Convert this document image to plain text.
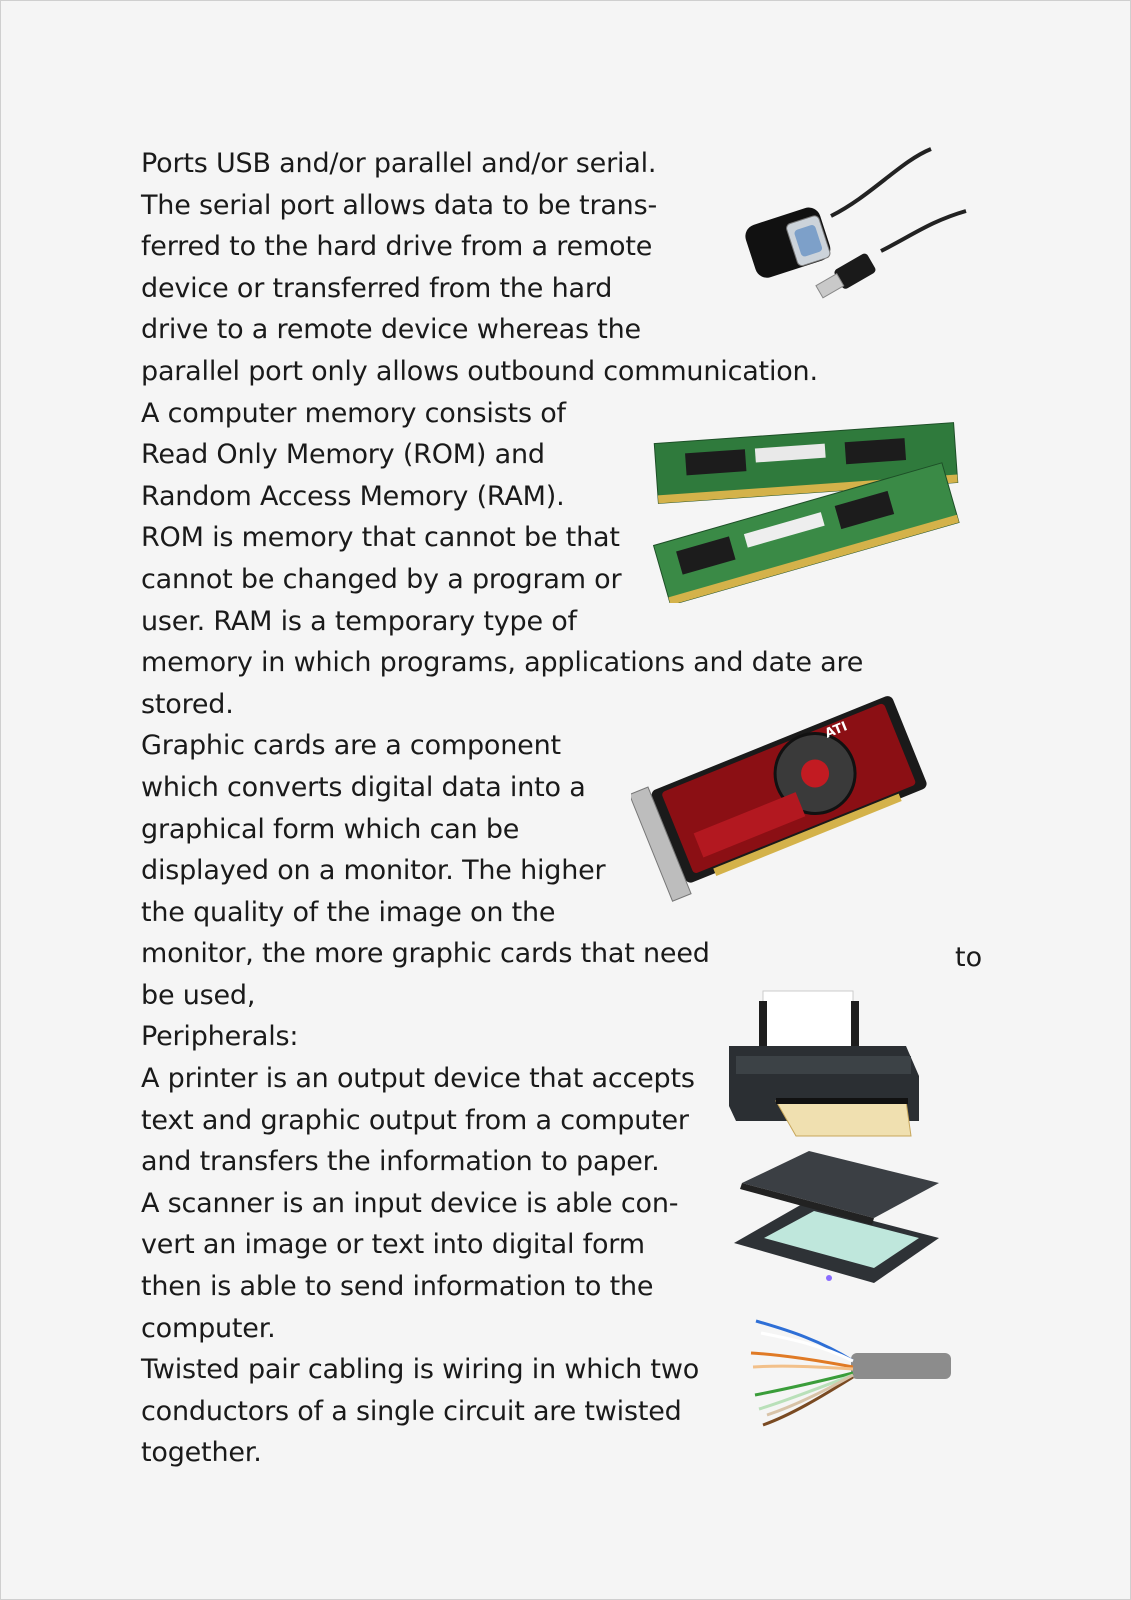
Ports USB and/or parallel and/or serial.
The serial port allows data to be trans-
ferred to the hard drive from a remote
device or transferred from the hard
drive to a remote device whereas the
parallel port only allows outbound communication.
A computer memory consists of
Read Only Memory (ROM) and
Random Access Memory (RAM).
ROM is memory that cannot be that
cannot be changed by a program or
user. RAM is a temporary type of
memory in which programs, applications and date are
stored.
Graphic cards are a component
which converts digital data into a
graphical form which can be
displayed on a monitor. The higher
the quality of the image on the
monitor, the more graphic cards that need
be used,
Peripherals:
A printer is an output device that accepts
text and graphic output from a computer
and transfers the information to paper.
A scanner is an input device is able con-
vert an image or text into digital form
then is able to send information to the
computer.
Twisted pair cabling is wiring in which two
conductors of a single circuit are twisted
together.
to
ATI
